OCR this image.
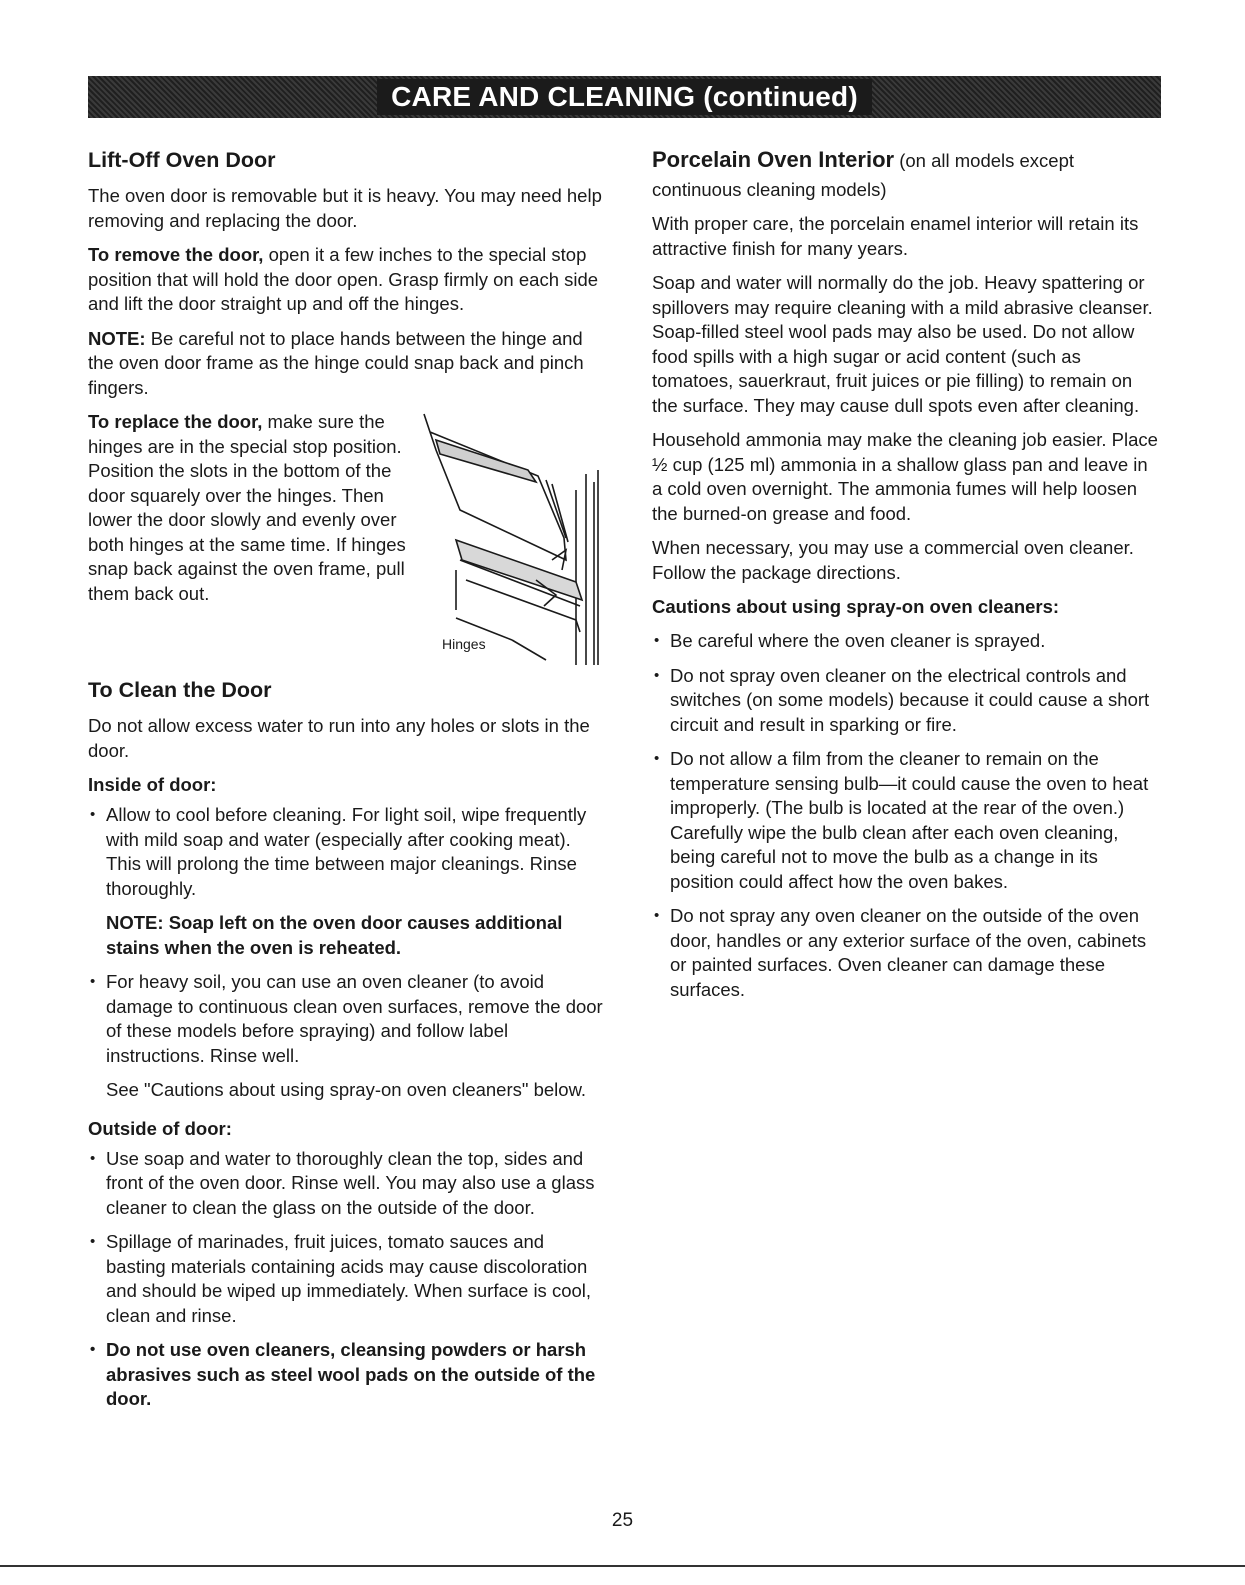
CARE AND CLEANING (continued)
Lift-Off Oven Door

The oven door is removable but it is heavy. You may need help removing and replacing the door.

To remove the door, open it a few inches to the special stop position that will hold the door open. Grasp firmly on each side and lift the door straight up and off the hinges.

NOTE: Be careful not to place hands between the hinge and the oven door frame as the hinge could snap back and pinch fingers.

To replace the door, make sure the hinges are in the special stop position. Position the slots in the bottom of the door squarely over the hinges. Then lower the door slowly and evenly over both hinges at the same time. If hinges snap back against the oven frame, pull them back out.
Hinges
To Clean the Door

Do not allow excess water to run into any holes or slots in the door.

Inside of door:
• Allow to cool before cleaning. For light soil, wipe frequently with mild soap and water (especially after cooking meat). This will prolong the time between major cleanings. Rinse thoroughly.

NOTE: Soap left on the oven door causes additional stains when the oven is reheated.

• For heavy soil, you can use an oven cleaner (to avoid damage to continuous clean oven surfaces, remove the door of these models before spraying) and follow label instructions. Rinse well.

See "Cautions about using spray-on oven cleaners" below.

Outside of door:
• Use soap and water to thoroughly clean the top, sides and front of the oven door. Rinse well. You may also use a glass cleaner to clean the glass on the outside of the door.
• Spillage of marinades, fruit juices, tomato sauces and basting materials containing acids may cause discoloration and should be wiped up immediately. When surface is cool, clean and rinse.
• Do not use oven cleaners, cleansing powders or harsh abrasives such as steel wool pads on the outside of the door.
Porcelain Oven Interior (on all models except continuous cleaning models)

With proper care, the porcelain enamel interior will retain its attractive finish for many years.

Soap and water will normally do the job. Heavy spattering or spillovers may require cleaning with a mild abrasive cleanser. Soap-filled steel wool pads may also be used. Do not allow food spills with a high sugar or acid content (such as tomatoes, sauerkraut, fruit juices or pie filling) to remain on the surface. They may cause dull spots even after cleaning.

Household ammonia may make the cleaning job easier. Place ½ cup (125 ml) ammonia in a shallow glass pan and leave in a cold oven overnight. The ammonia fumes will help loosen the burned-on grease and food.

When necessary, you may use a commercial oven cleaner. Follow the package directions.

Cautions about using spray-on oven cleaners:
• Be careful where the oven cleaner is sprayed.
• Do not spray oven cleaner on the electrical controls and switches (on some models) because it could cause a short circuit and result in sparking or fire.
• Do not allow a film from the cleaner to remain on the temperature sensing bulb—it could cause the oven to heat improperly. (The bulb is located at the rear of the oven.) Carefully wipe the bulb clean after each oven cleaning, being careful not to move the bulb as a change in its position could affect how the oven bakes.
• Do not spray any oven cleaner on the outside of the oven door, handles or any exterior surface of the oven, cabinets or painted surfaces. Oven cleaner can damage these surfaces.
25
